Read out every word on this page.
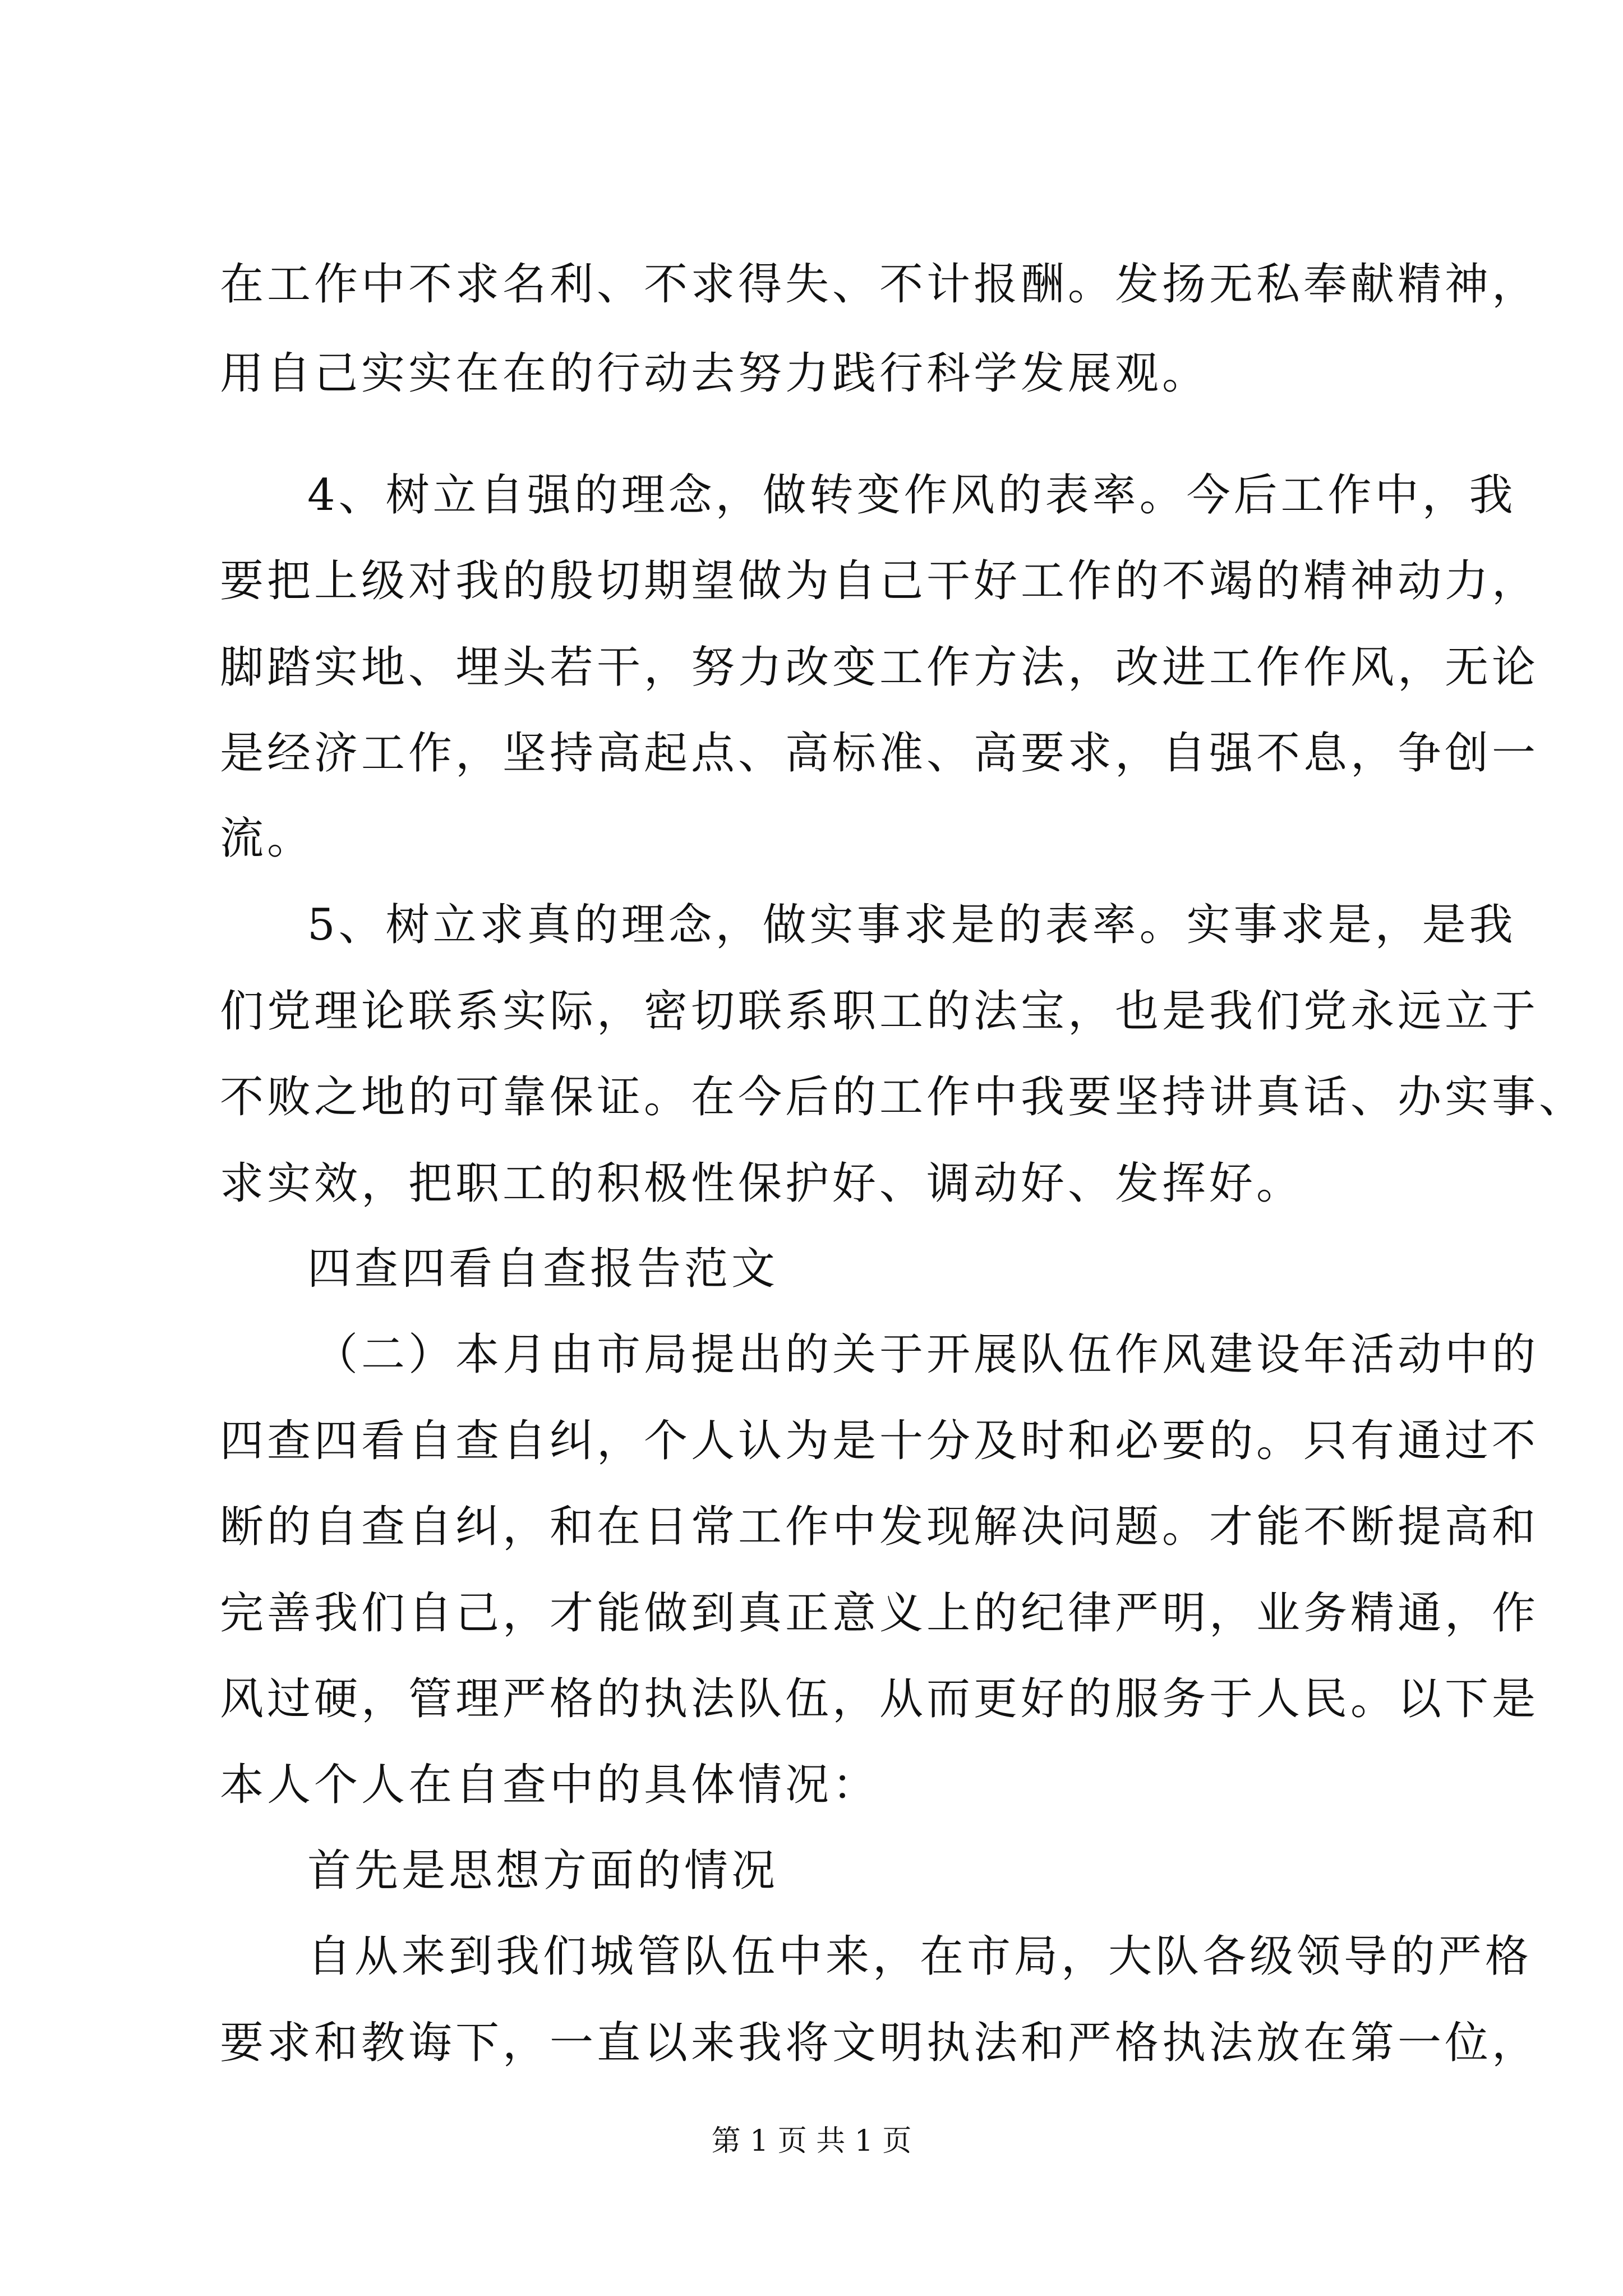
在工作中不求名利、不求得失、不计报酬。发扬无私奉献精神，
用自己实实在在的行动去努力践行科学发展观。
4、树立自强的理念，做转变作风的表率。今后工作中，我
要把上级对我的殷切期望做为自己干好工作的不竭的精神动力，
脚踏实地、埋头若干，努力改变工作方法，改进工作作风，无论
是经济工作，坚持高起点、高标准、高要求，自强不息，争创一
流。
5、树立求真的理念，做实事求是的表率。实事求是，是我
们党理论联系实际，密切联系职工的法宝，也是我们党永远立于
不败之地的可靠保证。在今后的工作中我要坚持讲真话、办实事、
求实效，把职工的积极性保护好、调动好、发挥好。
四查四看自查报告范文
（二）本月由市局提出的关于开展队伍作风建设年活动中的
四查四看自查自纠，个人认为是十分及时和必要的。只有通过不
断的自查自纠，和在日常工作中发现解决问题。才能不断提高和
完善我们自己，才能做到真正意义上的纪律严明，业务精通，作
风过硬，管理严格的执法队伍，从而更好的服务于人民。以下是
本人个人在自查中的具体情况：
首先是思想方面的情况
自从来到我们城管队伍中来，在市局，大队各级领导的严格
要求和教诲下，一直以来我将文明执法和严格执法放在第一位，
第 1 页 共 1 页
